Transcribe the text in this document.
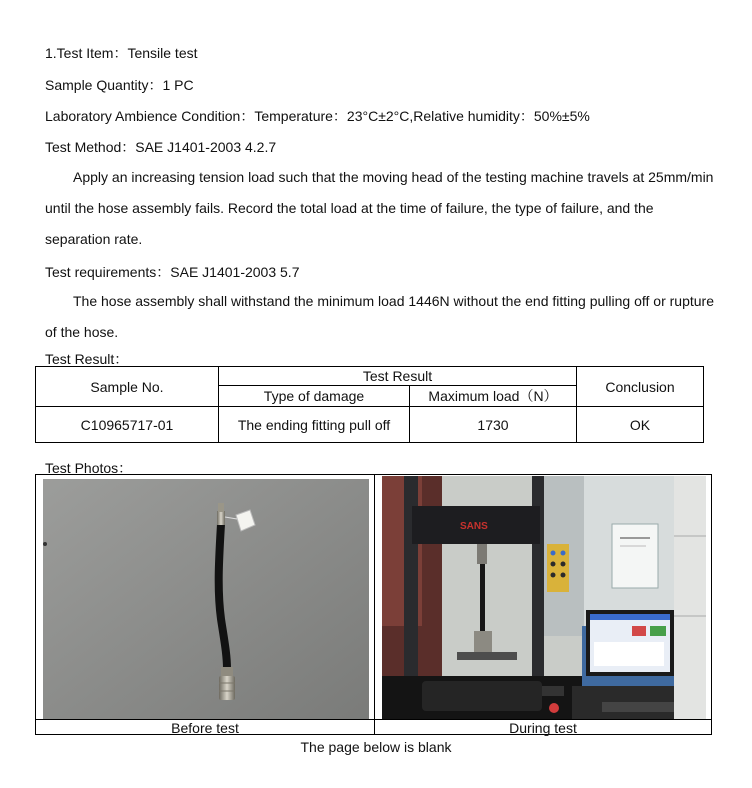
1.Test Item：Tensile test
Sample Quantity：1 PC
Laboratory Ambience Condition：Temperature：23°C±2°C,Relative humidity：50%±5%
Test Method：SAE J1401-2003 4.2.7
Apply an increasing tension load such that the moving head of the testing machine travels at 25mm/min
until the hose assembly fails. Record the total load at the time of failure, the type of failure, and the
separation rate.
Test requirements：SAE J1401-2003 5.7
The hose assembly shall withstand the minimum load 1446N without the end fitting pulling off or rupture
of the hose.
Test Result：
Sample No.	Test Result		Conclusion
	Type of damage	Maximum load（N）	
C10965717-01	The ending fitting pull off	1730	OK
Test Photos：
SANS
Before test	During test
The page below is blank
